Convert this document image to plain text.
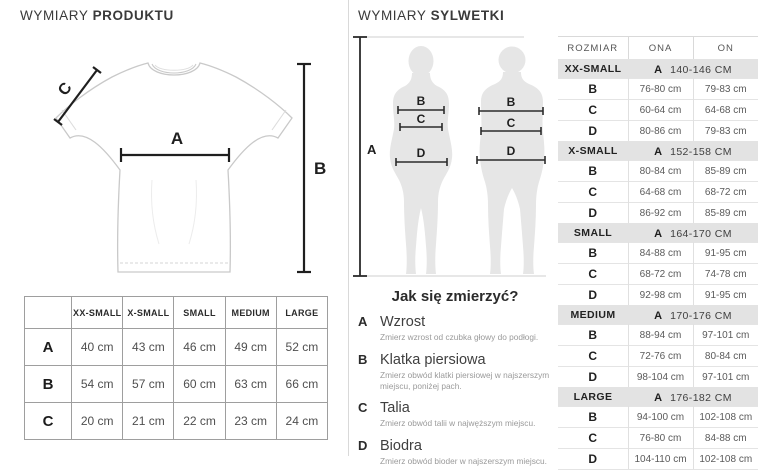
WYMIARY PRODUKTU
A
B
C
	XX-SMALL	X-SMALL	SMALL	MEDIUM	LARGE
A	40 cm	43 cm	46 cm	49 cm	52 cm
B	54 cm	57 cm	60 cm	63 cm	66 cm
C	20 cm	21 cm	22 cm	23 cm	24 cm
WYMIARY SYLWETKI
A
B
C
D
B
C
D
Jak się zmierzyć?
A Wzrost
Zmierz wzrost od czubka głowy do podłogi.
B Klatka piersiowa
Zmierz obwód klatki piersiowej w najszerszym miejscu, poniżej pach.
C Talia
Zmierz obwód talii w najwęższym miejscu.
D Biodra
Zmierz obwód bioder w najszerszym miejscu.
ROZMIAR	ONA	ON
XX-SMALL	A 140-146 CM	
B	76-80 cm	79-83 cm
C	60-64 cm	64-68 cm
D	80-86 cm	79-83 cm
X-SMALL	A 152-158 CM	
B	80-84 cm	85-89 cm
C	64-68 cm	68-72 cm
D	86-92 cm	85-89 cm
SMALL	A 164-170 CM	
B	84-88 cm	91-95 cm
C	68-72 cm	74-78 cm
D	92-98 cm	91-95 cm
MEDIUM	A 170-176 CM	
B	88-94 cm	97-101 cm
C	72-76 cm	80-84 cm
D	98-104 cm	97-101 cm
LARGE	A 176-182 CM	
B	94-100 cm	102-108 cm
C	76-80 cm	84-88 cm
D	104-110 cm	102-108 cm
